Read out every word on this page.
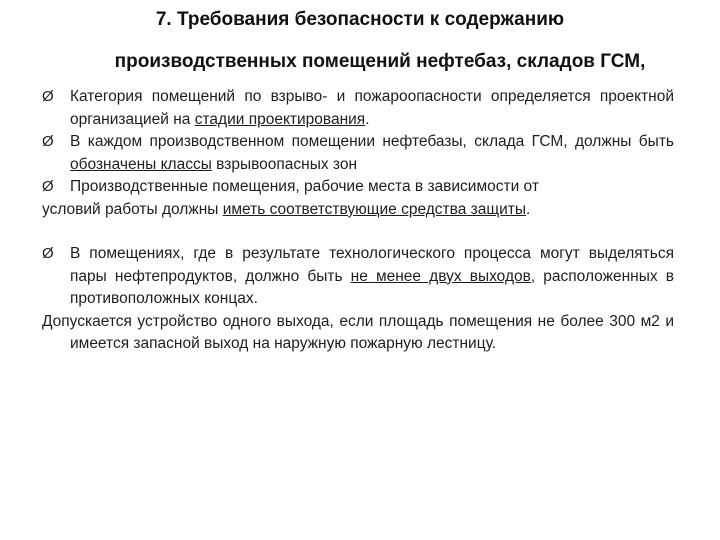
7. Требования безопасности к содержанию
производственных помещений нефтебаз, складов ГСМ,

Ø	Категория помещений по взрыво- и пожароопасности определяется проектной организацией на стадии проектирования.

Ø	В каждом производственном помещении нефтебазы, склада ГСМ, должны быть обозначены классы взрывоопасных зон

Ø	Производственные помещения, рабочие места в зависимости от

условий работы должны иметь соответствующие средства защиты.

Ø	В помещениях, где в результате технологического процесса могут выделяться пары нефтепродуктов, должно быть не менее двух выходов, расположенных в противоположных концах.

Допускается устройство одного выхода, если площадь помещения не более 300 м2 и имеется запасной выход на наружную пожарную лестницу.
